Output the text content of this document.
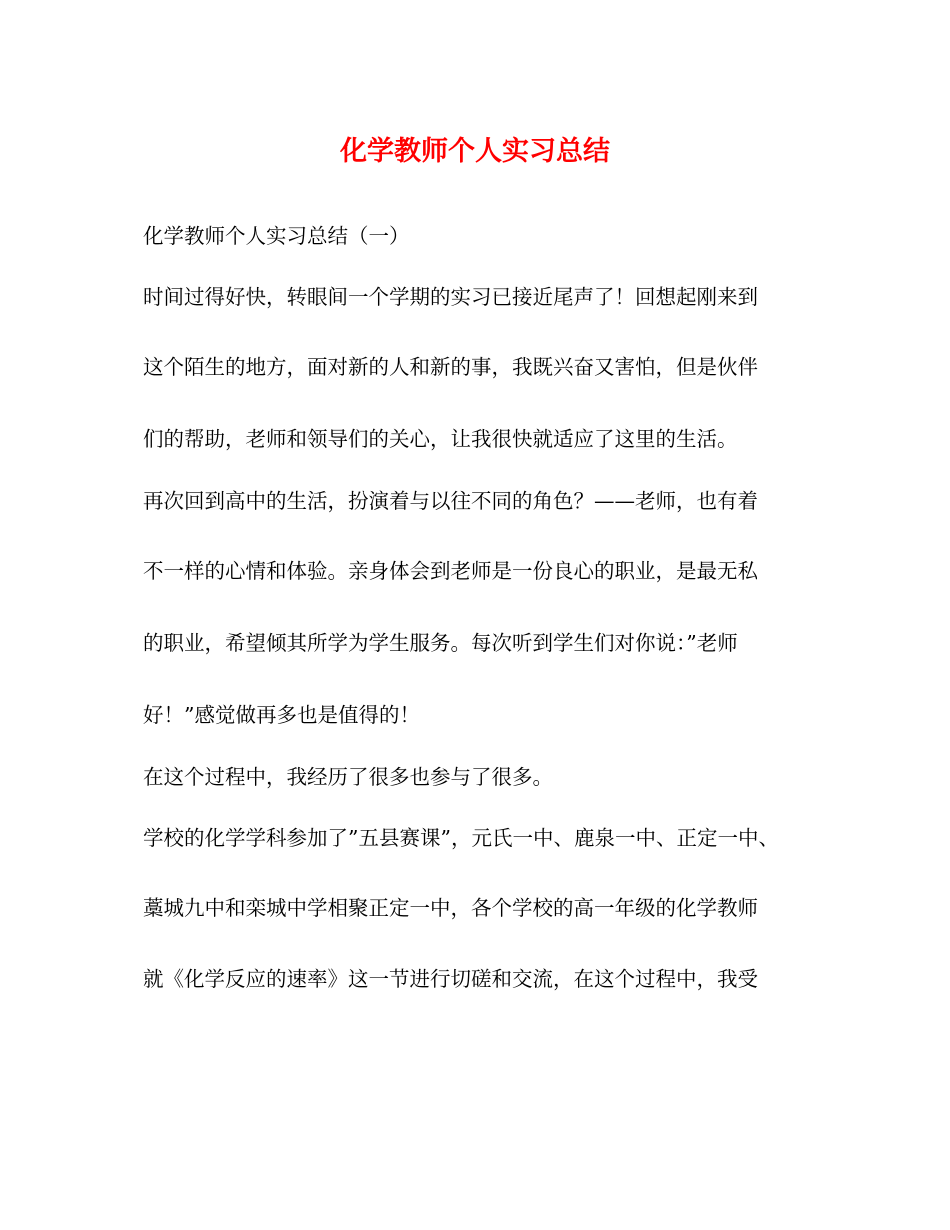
化学教师个人实习总结
化学教师个人实习总结（一）
时间过得好快，转眼间一个学期的实习已接近尾声了！回想起刚来到
这个陌生的地方，面对新的人和新的事，我既兴奋又害怕，但是伙伴
们的帮助，老师和领导们的关心，让我很快就适应了这里的生活。
再次回到高中的生活，扮演着与以往不同的角色？——老师，也有着
不一样的心情和体验。亲身体会到老师是一份良心的职业，是最无私
的职业，希望倾其所学为学生服务。每次听到学生们对你说：”老师
好！”感觉做再多也是值得的！
在这个过程中，我经历了很多也参与了很多。
学校的化学学科参加了”五县赛课”，元氏一中、鹿泉一中、正定一中、
藁城九中和栾城中学相聚正定一中，各个学校的高一年级的化学教师
就《化学反应的速率》这一节进行切磋和交流，在这个过程中，我受
